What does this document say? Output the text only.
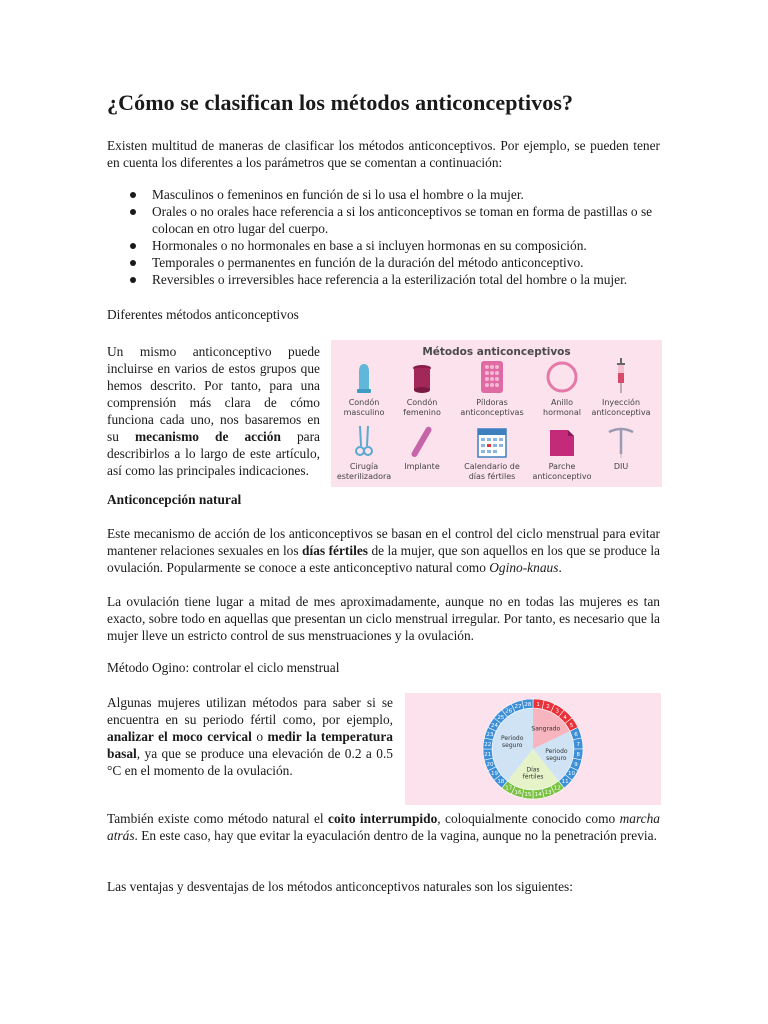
¿Cómo se clasifican los métodos anticonceptivos?

Existen multitud de maneras de clasificar los métodos anticonceptivos. Por ejemplo, se pueden tener en cuenta los diferentes a los parámetros que se comentan a continuación:

Masculinos o femeninos en función de si lo usa el hombre o la mujer.
Orales o no orales hace referencia a si los anticonceptivos se toman en forma de pastillas o se colocan en otro lugar del cuerpo.
Hormonales o no hormonales en base a si incluyen hormonas en su composición.
Temporales o permanentes en función de la duración del método anticonceptivo.
Reversibles o irreversibles hace referencia a la esterilización total del hombre o la mujer.

Diferentes métodos anticonceptivos

Un mismo anticonceptivo puede incluirse en varios de estos grupos que hemos descrito. Por tanto, para una comprensión más clara de cómo funciona cada uno, nos basaremos en su mecanismo de acción para describirlos a lo largo de este artículo, así como las principales indicaciones.

Métodos anticonceptivos
Condón
masculino
Condón
femenino
Píldoras
anticonceptivas
Anillo
hormonal
Inyección
anticonceptiva
Cirugía
esterilizadora
Implante	Calendario de
días fértiles
Parche
anticonceptivo
DIU

Anticoncepción natural

Este mecanismo de acción de los anticonceptivos se basan en el control del ciclo menstrual para evitar mantener relaciones sexuales en los días fértiles de la mujer, que son aquellos en los que se produce la ovulación. Popularmente se conoce a este anticonceptivo natural como Ogino-knaus.

La ovulación tiene lugar a mitad de mes aproximadamente, aunque no en todas las mujeres es tan exacto, sobre todo en aquellas que presentan un ciclo menstrual irregular. Por tanto, es necesario que la mujer lleve un estricto control de sus menstruaciones y la ovulación.

Método Ogino: controlar el ciclo menstrual

Algunas mujeres utilizan métodos para saber si se encuentra en su periodo fértil como, por ejemplo, analizar el moco cervical o medir la temperatura basal, ya que se produce una elevación de 0.2 a 0.5 °C en el momento de la ovulación.

1 2
3
4
5
6
7
8
9
10
11
12
13
14
15
16
17
18
19
20
21
22
23
24
25
26
27 28
Sangrado
Periodo
seguro
Días
fértiles
Periodo
seguro

También existe como método natural el coito interrumpido, coloquialmente conocido como marcha atrás. En este caso, hay que evitar la eyaculación dentro de la vagina, aunque no la penetración previa.

Las ventajas y desventajas de los métodos anticonceptivos naturales son los siguientes:
